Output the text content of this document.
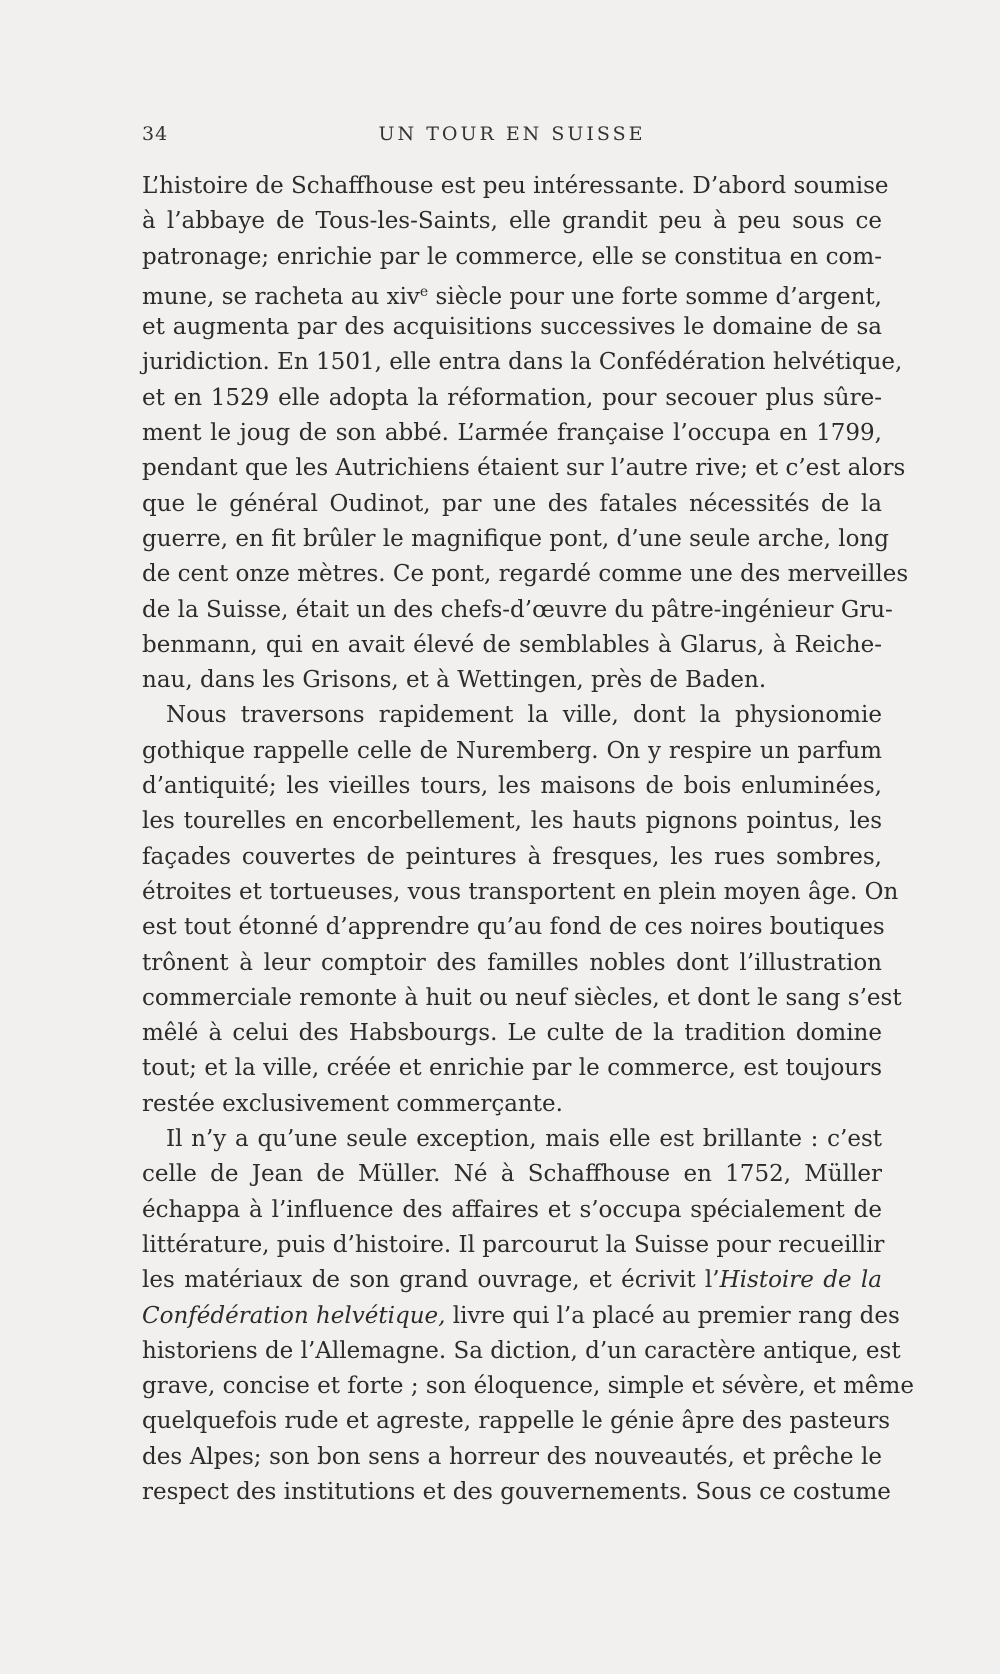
34	UN TOUR EN SUISSE
L’histoire de Schaffhouse est peu intéressante. D’abord soumise
à l’abbaye de Tous-les-Saints, elle grandit peu à peu sous ce
patronage; enrichie par le commerce, elle se constitua en com-
mune, se racheta au xiv$^e$ siècle pour une forte somme d’argent,
et augmenta par des acquisitions successives le domaine de sa
juridiction. En 1501, elle entra dans la Confédération helvétique,
et en 1529 elle adopta la réformation, pour secouer plus sûre-
ment le joug de son abbé. L’armée française l’occupa en 1799,
pendant que les Autrichiens étaient sur l’autre rive; et c’est alors
que le général Oudinot, par une des fatales nécessités de la
guerre, en fit brûler le magnifique pont, d’une seule arche, long
de cent onze mètres. Ce pont, regardé comme une des merveilles
de la Suisse, était un des chefs-d’œuvre du pâtre-ingénieur Gru-
benmann, qui en avait élevé de semblables à Glarus, à Reiche-
nau, dans les Grisons, et à Wettingen, près de Baden.
Nous traversons rapidement la ville, dont la physionomie
gothique rappelle celle de Nuremberg. On y respire un parfum
d’antiquité; les vieilles tours, les maisons de bois enluminées,
les tourelles en encorbellement, les hauts pignons pointus, les
façades couvertes de peintures à fresques, les rues sombres,
étroites et tortueuses, vous transportent en plein moyen âge. On
est tout étonné d’apprendre qu’au fond de ces noires boutiques
trônent à leur comptoir des familles nobles dont l’illustration
commerciale remonte à huit ou neuf siècles, et dont le sang s’est
mêlé à celui des Habsbourgs. Le culte de la tradition domine
tout; et la ville, créée et enrichie par le commerce, est toujours
restée exclusivement commerçante.
Il n’y a qu’une seule exception, mais elle est brillante : c’est
celle de Jean de Müller. Né à Schaffhouse en 1752, Müller
échappa à l’influence des affaires et s’occupa spécialement de
littérature, puis d’histoire. Il parcourut la Suisse pour recueillir
les matériaux de son grand ouvrage, et écrivit l’Histoire de la
Confédération helvétique, livre qui l’a placé au premier rang des
historiens de l’Allemagne. Sa diction, d’un caractère antique, est
grave, concise et forte ; son éloquence, simple et sévère, et même
quelquefois rude et agreste, rappelle le génie âpre des pasteurs
des Alpes; son bon sens a horreur des nouveautés, et prêche le
respect des institutions et des gouvernements. Sous ce costume
